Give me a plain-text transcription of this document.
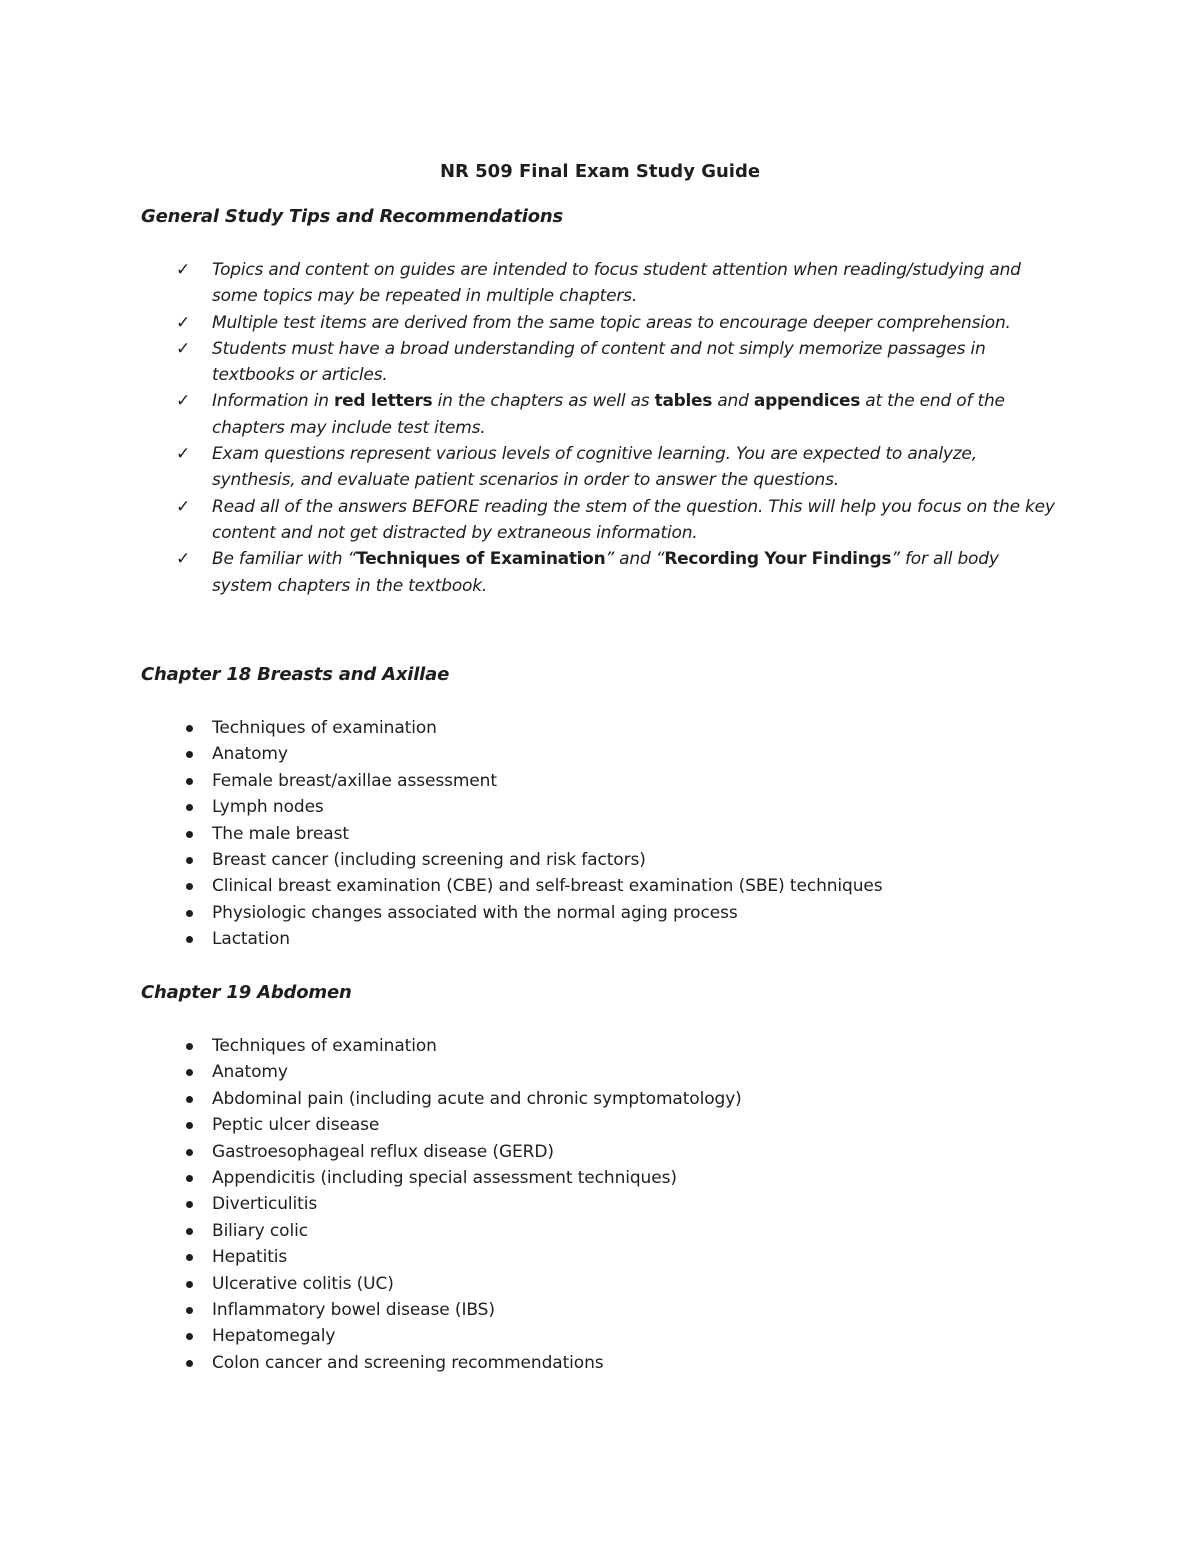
NR 509 Final Exam Study Guide
General Study Tips and Recommendations
✓ Topics and content on guides are intended to focus student attention when reading/studying and some topics may be repeated in multiple chapters.
✓ Multiple test items are derived from the same topic areas to encourage deeper comprehension.
✓ Students must have a broad understanding of content and not simply memorize passages in textbooks or articles.
✓ Information in red letters in the chapters as well as tables and appendices at the end of the chapters may include test items.
✓ Exam questions represent various levels of cognitive learning. You are expected to analyze, synthesis, and evaluate patient scenarios in order to answer the questions.
✓ Read all of the answers BEFORE reading the stem of the question. This will help you focus on the key content and not get distracted by extraneous information.
✓ Be familiar with “Techniques of Examination” and “Recording Your Findings” for all body system chapters in the textbook.
Chapter 18 Breasts and Axillae
Techniques of examination
Anatomy
Female breast/axillae assessment
Lymph nodes
The male breast
Breast cancer (including screening and risk factors)
Clinical breast examination (CBE) and self-breast examination (SBE) techniques
Physiologic changes associated with the normal aging process
Lactation
Chapter 19 Abdomen
Techniques of examination
Anatomy
Abdominal pain (including acute and chronic symptomatology)
Peptic ulcer disease
Gastroesophageal reflux disease (GERD)
Appendicitis (including special assessment techniques)
Diverticulitis
Biliary colic
Hepatitis
Ulcerative colitis (UC)
Inflammatory bowel disease (IBS)
Hepatomegaly
Colon cancer and screening recommendations
